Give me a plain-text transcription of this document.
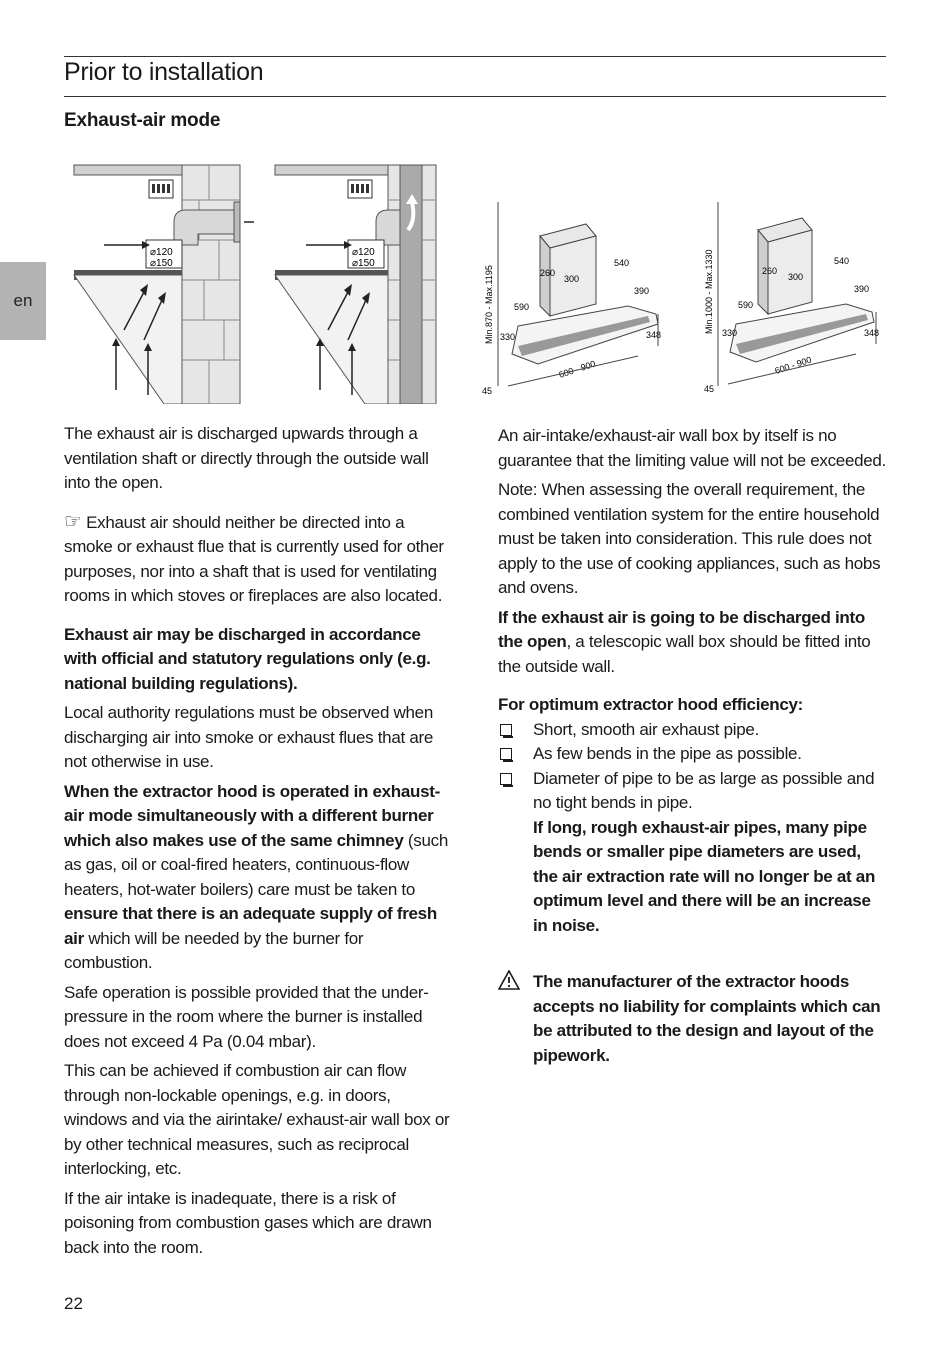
Prior to installation
Exhaust-air mode
en
⌀120
⌀150
⌀120
⌀150
Min.870 - Max.1195	260
300
540
390
590
330	348
45
600 - 900
Min.1000 - Max.1330	260
300
540
390
590
330	348
45
600 - 900

The exhaust air is discharged upwards through a ventilation shaft or directly through the outside wall into the open.

☞ Exhaust air should neither be directed into a smoke or exhaust flue that is currently used for other purposes, nor into a shaft that is used for ventilating rooms in which stoves or fireplaces are also located.

Exhaust air may be discharged in accordance with official and statutory regulations only (e.g. national building regulations).

Local authority regulations must be observed when discharging air into smoke or exhaust flues that are not otherwise in use.

When the extractor hood is operated in exhaust-air mode simultaneously with a different burner which also makes use of the same chimney (such as gas, oil or coal-fired heaters, continuous-flow heaters, hot-water boilers) care must be taken to ensure that there is an adequate supply of fresh air which will be needed by the burner for combustion.

Safe operation is possible provided that the under-pressure in the room where the burner is installed does not exceed 4 Pa (0.04 mbar).

This can be achieved if combustion air can flow through non-lockable openings, e.g. in doors, windows and via the airintake/ exhaust-air wall box or by other technical measures, such as reciprocal interlocking, etc.

If the air intake is inadequate, there is a risk of poisoning from combustion gases which are drawn back into the room.

An air-intake/exhaust-air wall box by itself is no guarantee that the limiting value will not be exceeded.

Note: When assessing the overall requirement, the combined ventilation system for the entire household must be taken into consideration. This rule does not apply to the use of cooking appliances, such as hobs and ovens.

If the exhaust air is going to be discharged into the open, a telescopic wall box should be fitted into the outside wall.

For optimum extractor hood efficiency:

Short, smooth air exhaust pipe.
As few bends in the pipe as possible.
Diameter of pipe to be as large as possible and no tight bends in pipe.
If long, rough exhaust-air pipes, many pipe bends or smaller pipe diameters are used, the air extraction rate will no longer be at an optimum level and there will be an increase in noise.
The manufacturer of the extractor hoods accepts no liability for complaints which can be attributed to the design and layout of the pipework.
22
